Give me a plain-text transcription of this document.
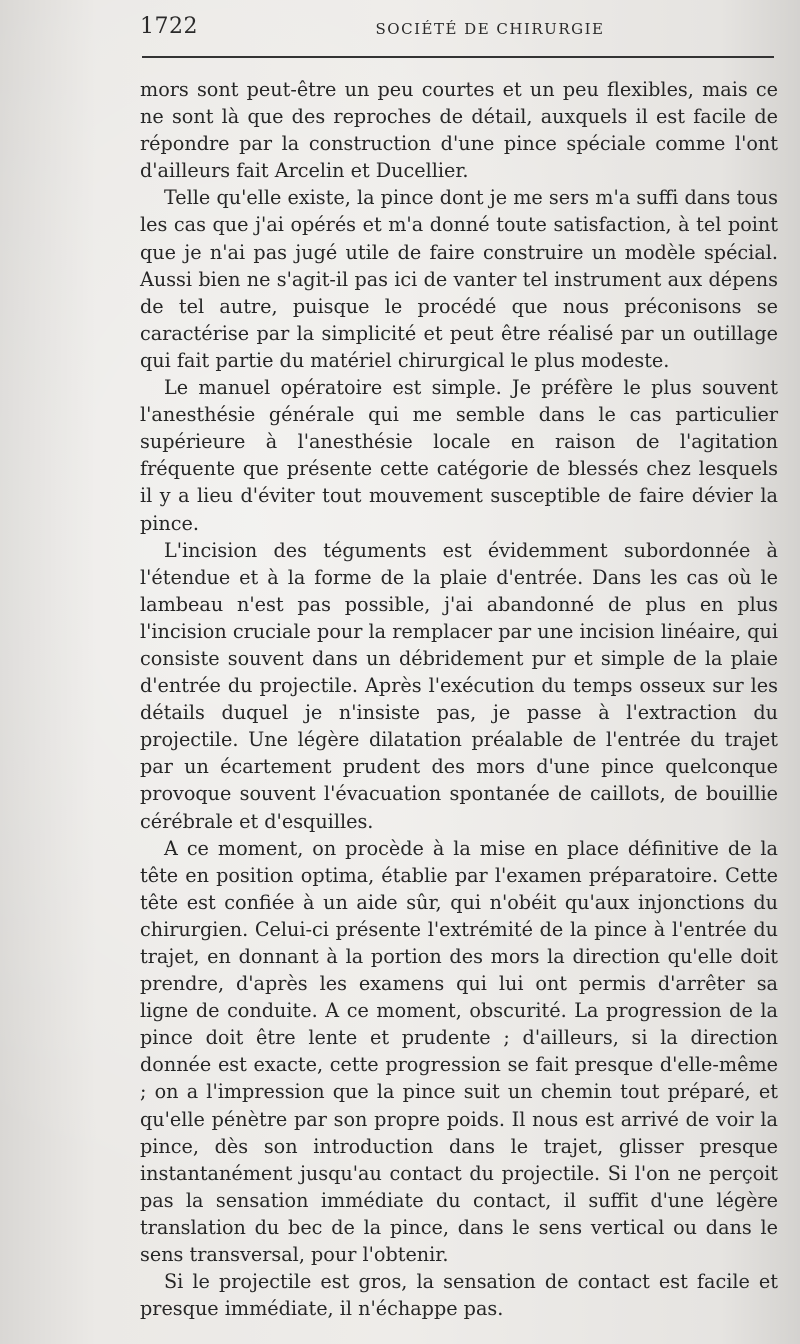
1722	SOCIÉTÉ DE CHIRURGIE

mors sont peut-être un peu courtes et un peu flexibles, mais ce ne sont là que des reproches de détail, auxquels il est facile de répondre par la construction d'une pince spéciale comme l'ont d'ailleurs fait Arcelin et Ducellier.

Telle qu'elle existe, la pince dont je me sers m'a suffi dans tous les cas que j'ai opérés et m'a donné toute satisfaction, à tel point que je n'ai pas jugé utile de faire construire un modèle spécial. Aussi bien ne s'agit-il pas ici de vanter tel instrument aux dépens de tel autre, puisque le procédé que nous préconisons se caractérise par la simplicité et peut être réalisé par un outillage qui fait partie du matériel chirurgical le plus modeste.

Le manuel opératoire est simple. Je préfère le plus souvent l'anesthésie générale qui me semble dans le cas particulier supérieure à l'anesthésie locale en raison de l'agitation fréquente que présente cette catégorie de blessés chez lesquels il y a lieu d'éviter tout mouvement susceptible de faire dévier la pince.

L'incision des téguments est évidemment subordonnée à l'étendue et à la forme de la plaie d'entrée. Dans les cas où le lambeau n'est pas possible, j'ai abandonné de plus en plus l'incision cruciale pour la remplacer par une incision linéaire, qui consiste souvent dans un débridement pur et simple de la plaie d'entrée du projectile. Après l'exécution du temps osseux sur les détails duquel je n'insiste pas, je passe à l'extraction du projectile. Une légère dilatation préalable de l'entrée du trajet par un écartement prudent des mors d'une pince quelconque provoque souvent l'évacuation spontanée de caillots, de bouillie cérébrale et d'esquilles.

A ce moment, on procède à la mise en place définitive de la tête en position optima, établie par l'examen préparatoire. Cette tête est confiée à un aide sûr, qui n'obéit qu'aux injonctions du chirurgien. Celui-ci présente l'extrémité de la pince à l'entrée du trajet, en donnant à la portion des mors la direction qu'elle doit prendre, d'après les examens qui lui ont permis d'arrêter sa ligne de conduite. A ce moment, obscurité. La progression de la pince doit être lente et prudente ; d'ailleurs, si la direction donnée est exacte, cette progression se fait presque d'elle-même ; on a l'impression que la pince suit un chemin tout préparé, et qu'elle pénètre par son propre poids. Il nous est arrivé de voir la pince, dès son introduction dans le trajet, glisser presque instantanément jusqu'au contact du projectile. Si l'on ne perçoit pas la sensation immédiate du contact, il suffit d'une légère translation du bec de la pince, dans le sens vertical ou dans le sens transversal, pour l'obtenir.

Si le projectile est gros, la sensation de contact est facile et presque immédiate, il n'échappe pas.
